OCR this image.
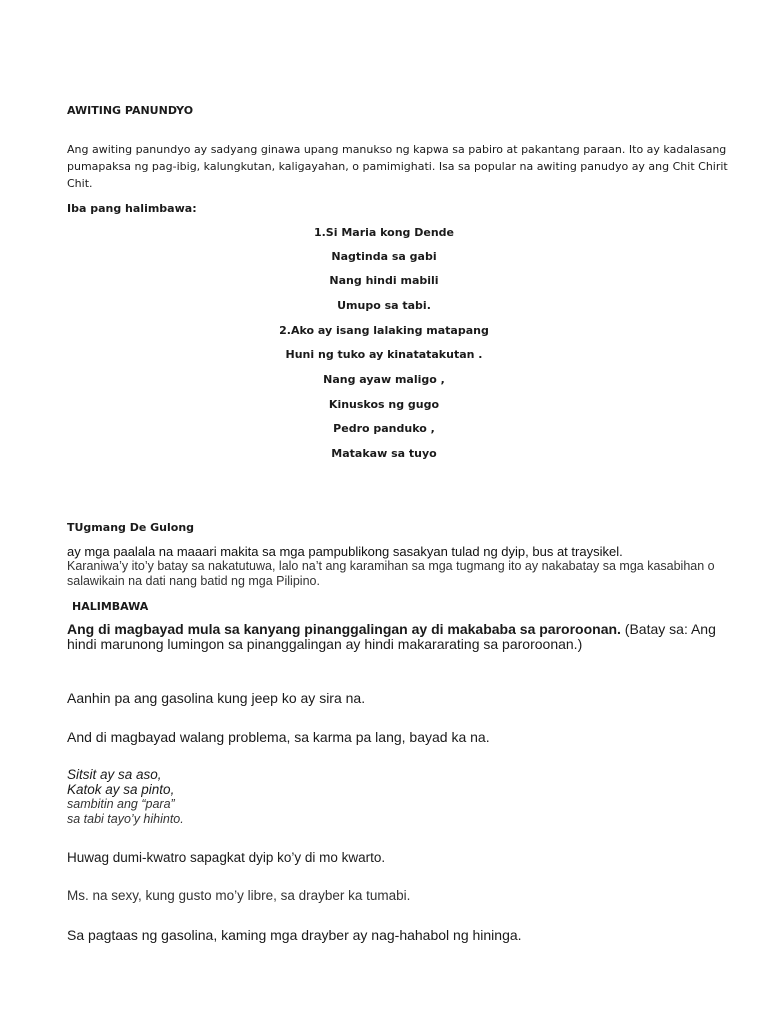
AWITING PANUNDYO
Ang awiting panundyo ay sadyang ginawa upang manukso ng kapwa sa pabiro at pakantang paraan. Ito ay kadalasang pumapaksa ng pag-ibig, kalungkutan, kaligayahan, o pamimighati. Isa sa popular na awiting panudyo ay ang Chit Chirit Chit.
Iba pang halimbawa:
1.Si Maria kong Dende
Nagtinda sa gabi
Nang hindi mabili
Umupo sa tabi.
2.Ako ay isang lalaking matapang
Huni ng tuko ay kinatatakutan .
Nang ayaw maligo ,
Kinuskos ng gugo
Pedro panduko ,
Matakaw sa tuyo
TUgmang De Gulong
ay mga paalala na maaari makita sa mga pampublikong sasakyan tulad ng dyip, bus at traysikel.
Karaniwa’y ito’y batay sa nakatutuwa, lalo na’t ang karamihan sa mga tugmang ito ay nakabatay sa mga kasabihan o salawikain na dati nang batid ng mga Pilipino.
HALIMBAWA
Ang di magbayad mula sa kanyang pinanggalingan ay di makababa sa paroroonan. (Batay sa: Ang hindi marunong lumingon sa pinanggalingan ay hindi makararating sa paroroonan.)
Aanhin pa ang gasolina kung jeep ko ay sira na.
And di magbayad walang problema, sa karma pa lang, bayad ka na.
Sitsit ay sa aso,
Katok ay sa pinto,
sambitin ang “para”
sa tabi tayo’y hihinto.
Huwag dumi-kwatro sapagkat dyip ko’y di mo kwarto.
Ms. na sexy, kung gusto mo’y libre, sa drayber ka tumabi.
Sa pagtaas ng gasolina, kaming mga drayber ay nag-hahabol ng hininga.
